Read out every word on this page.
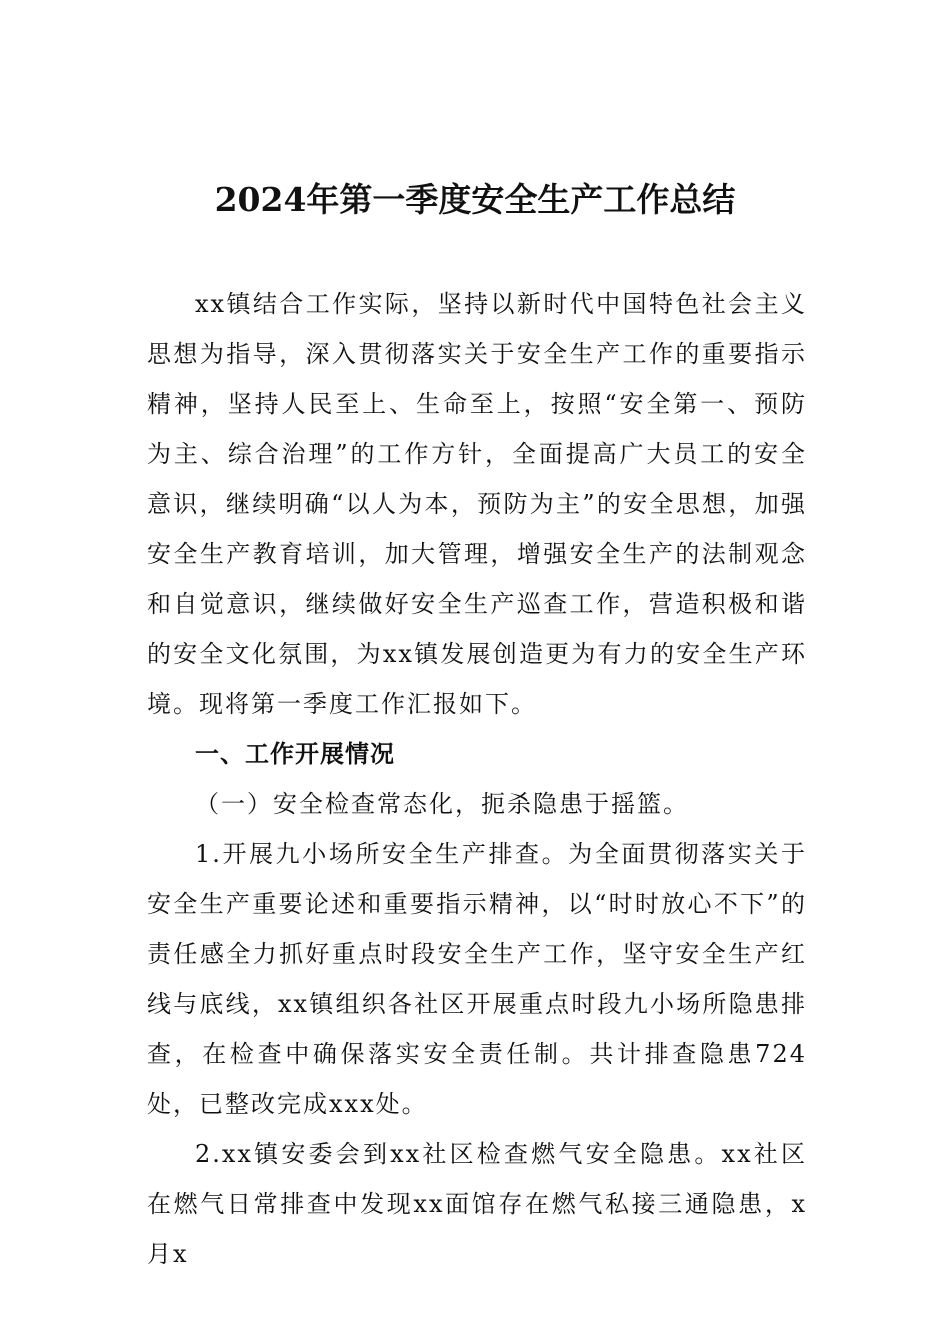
2024年第一季度安全生产工作总结

xx镇结合工作实际，坚持以新时代中国特色社会主义思想为指导，深入贯彻落实关于安全生产工作的重要指示精神，坚持人民至上、生命至上，按照“安全第一、预防为主、综合治理”的工作方针，全面提高广大员工的安全意识，继续明确“以人为本，预防为主”的安全思想，加强安全生产教育培训，加大管理，增强安全生产的法制观念和自觉意识，继续做好安全生产巡查工作，营造积极和谐的安全文化氛围，为xx镇发展创造更为有力的安全生产环境。现将第一季度工作汇报如下。

一、工作开展情况

（一）安全检查常态化，扼杀隐患于摇篮。

1.开展九小场所安全生产排查。为全面贯彻落实关于安全生产重要论述和重要指示精神，以“时时放心不下”的责任感全力抓好重点时段安全生产工作，坚守安全生产红线与底线，xx镇组织各社区开展重点时段九小场所隐患排查，在检查中确保落实安全责任制。共计排查隐患724处，已整改完成xxx处。

2.xx镇安委会到xx社区检查燃气安全隐患。xx社区在燃气日常排查中发现xx面馆存在燃气私接三通隐患，x月x
